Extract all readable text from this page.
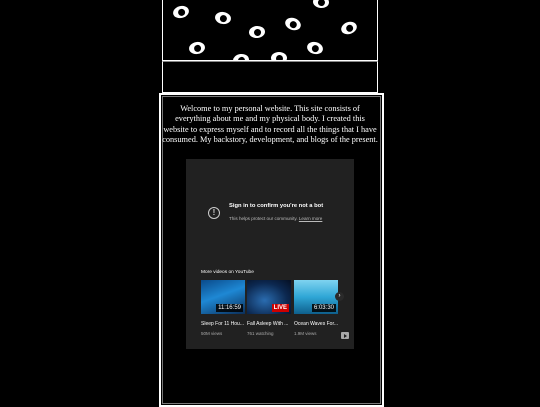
Welcome to my personal website. This site consists of everything about me and my physical body. I created this website to express myself and to record all the things that I have consumed. My backstory, development, and blogs of the present.
!
Sign in to confirm you're not a bot
This helps protect our community. Learn more
More videos on YouTube
11:16:59	LIVE	6:03:30
›
Sleep For 11 Hou... Fall Asleep With ... Ocean Waves For...
50M views	761 watching	1.9M views
